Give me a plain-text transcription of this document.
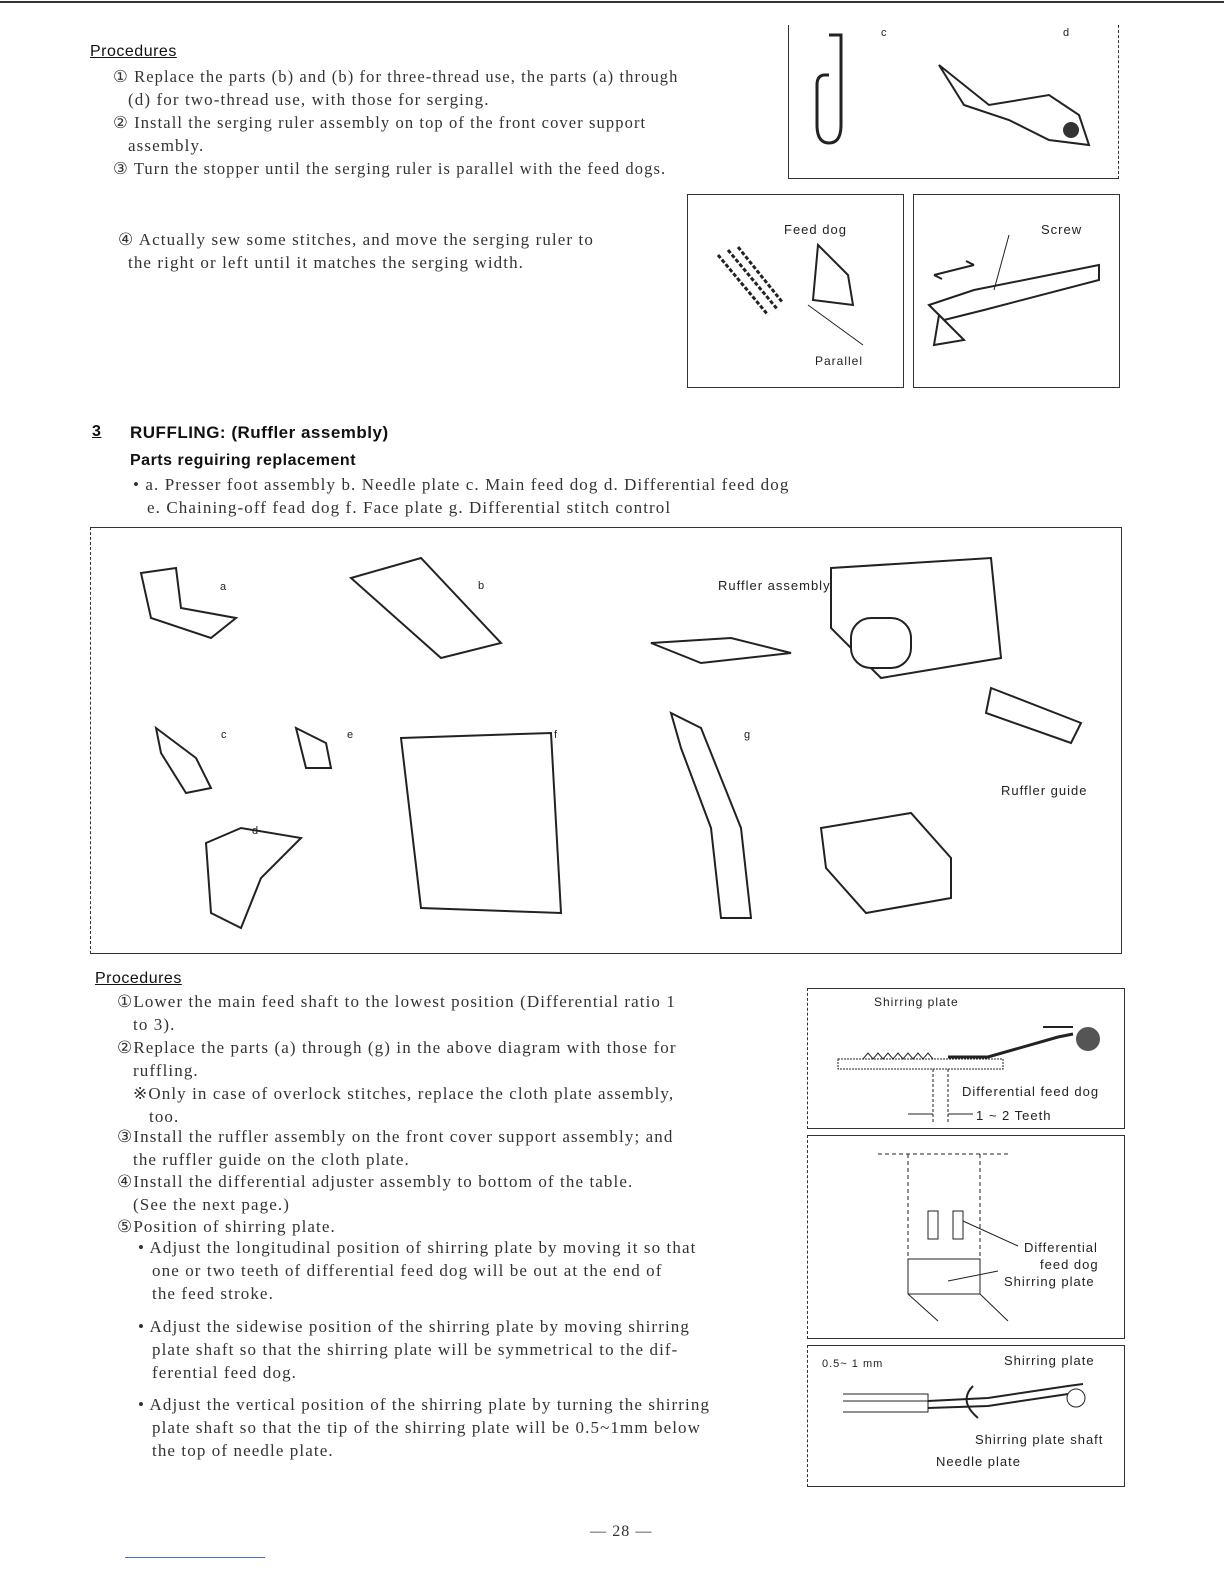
Procedures
① Replace the parts (b) and (b) for three-thread use, the parts (a) through
(d) for two-thread use, with those for serging.
② Install the serging ruler assembly on top of the front cover support
assembly.
③ Turn the stopper until the serging ruler is parallel with the feed dogs.
④ Actually sew some stitches, and move the serging ruler to
the right or left until it matches the serging width.
c	d
Feed dog
Parallel
Screw
3 RUFFLING: (Ruffler assembly)
Parts reguiring replacement
• a. Presser foot assembly b. Needle plate c. Main feed dog d. Differential feed dog
e. Chaining-off fead dog f. Face plate g. Differential stitch control
a	b	Ruffler assembly
c	e	f	g
d
Ruffler guide
Procedures
①Lower the main feed shaft to the lowest position (Differential ratio 1
to 3).
②Replace the parts (a) through (g) in the above diagram with those for
ruffling.
※Only in case of overlock stitches, replace the cloth plate assembly,
too.
③Install the ruffler assembly on the front cover support assembly; and
the ruffler guide on the cloth plate.
④Install the differential adjuster assembly to bottom of the table.
(See the next page.)
⑤Position of shirring plate.
• Adjust the longitudinal position of shirring plate by moving it so that
one or two teeth of differential feed dog will be out at the end of
the feed stroke.
• Adjust the sidewise position of the shirring plate by moving shirring
plate shaft so that the shirring plate will be symmetrical to the dif-
ferential feed dog.
• Adjust the vertical position of the shirring plate by turning the shirring
plate shaft so that the tip of the shirring plate will be 0.5~1mm below
the top of needle plate.
Shirring plate
Differential feed dog
1 ~ 2 Teeth
Differential
feed dog
Shirring plate
0.5~ 1 mm	Shirring plate
Shirring plate shaft
Needle plate
— 28 —
